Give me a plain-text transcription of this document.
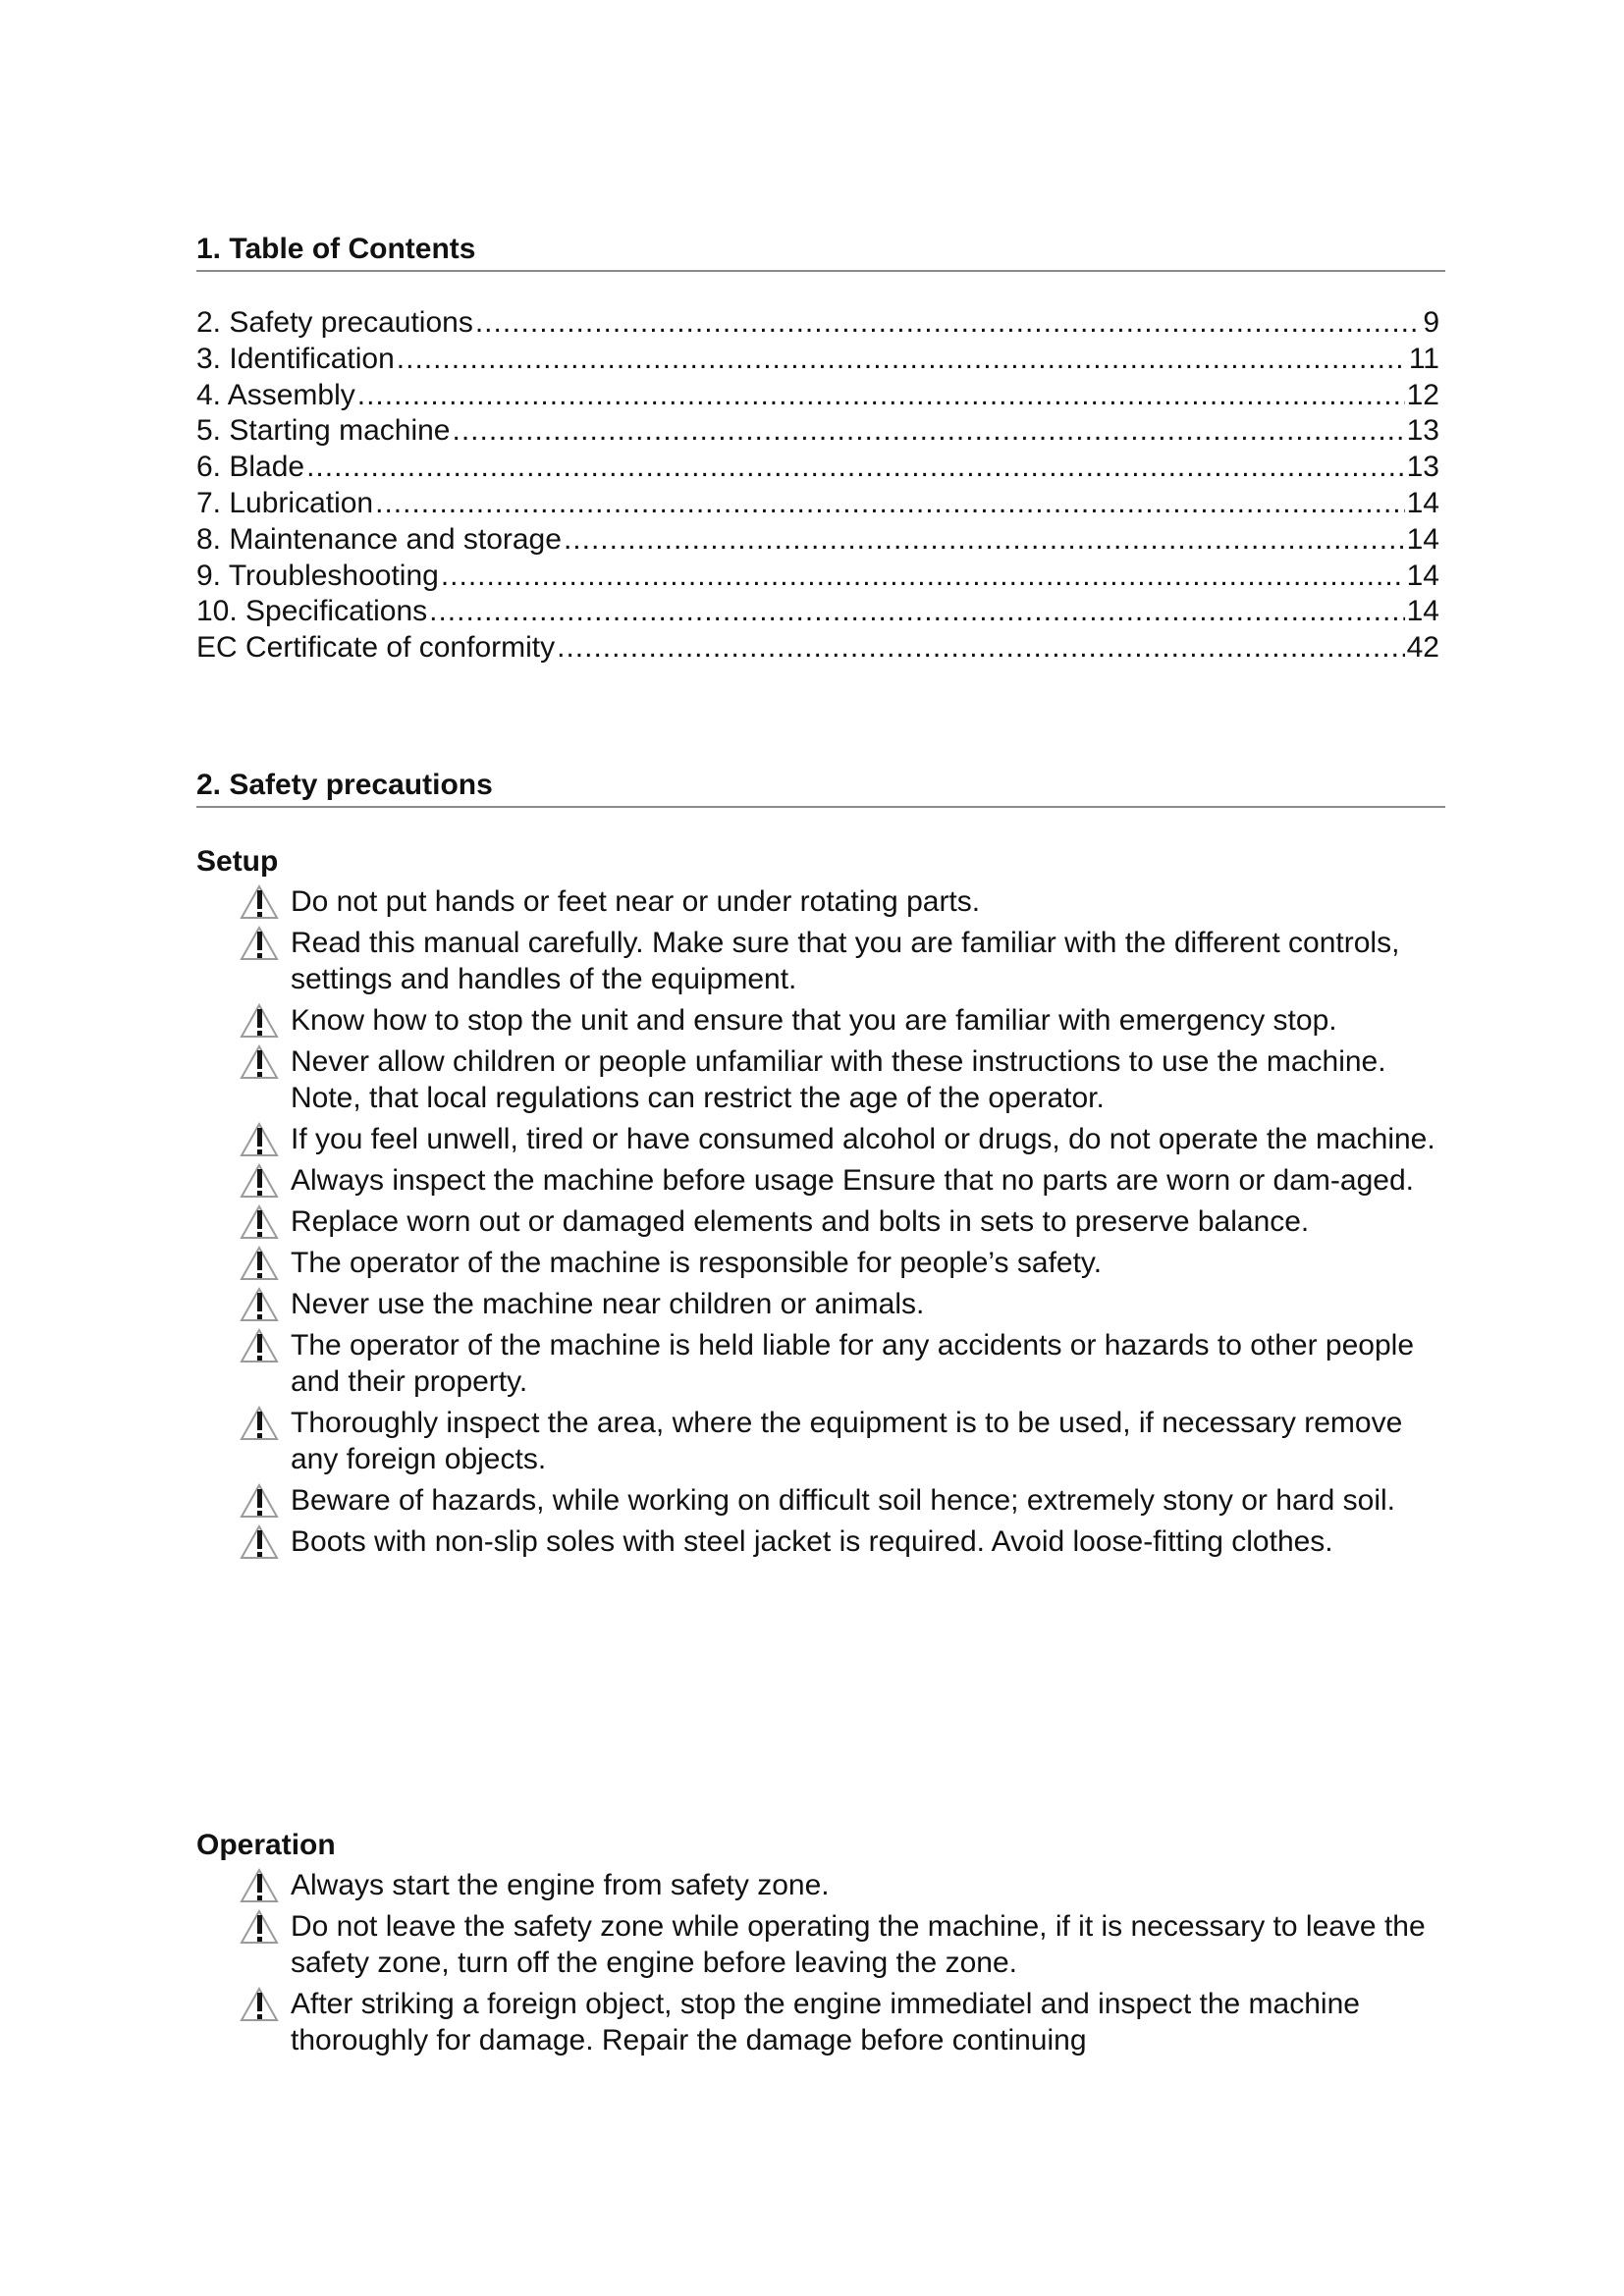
1. Table of Contents
2. Safety precautions .....	9
3. Identification .....	11
4. Assembly .....	12
5. Starting machine .....	13
6. Blade .....	13
7. Lubrication .....	14
8. Maintenance and storage .....	14
9. Troubleshooting .....	14
10. Specifications .....	14
EC Certificate of conformity .....	42
2. Safety precautions
Setup
Do not put hands or feet near or under rotating parts.
Read this manual carefully. Make sure that you are familiar with the different controls, settings and handles of the equipment.
Know how to stop the unit and ensure that you are familiar with emergency stop.
Never allow children or people unfamiliar with these instructions to use the machine. Note, that local regulations can restrict the age of the operator.
If you feel unwell, tired or have consumed alcohol or drugs, do not operate the machine.
Always inspect the machine before usage Ensure that no parts are worn or dam-aged.
Replace worn out or damaged elements and bolts in sets to preserve balance.
The operator of the machine is responsible for people’s safety.
Never use the machine near children or animals.
The operator of the machine is held liable for any accidents or hazards to other people and their property.
Thoroughly inspect the area, where the equipment is to be used, if necessary remove any foreign objects.
Beware of hazards, while working on difficult soil hence; extremely stony or hard soil.
Boots with non-slip soles with steel jacket is required. Avoid loose-fitting clothes.
Operation
Always start the engine from safety zone.
Do not leave the safety zone while operating the machine, if it is necessary to leave the safety zone, turn off the engine before leaving the zone.
After striking a foreign object, stop the engine immediatel and inspect the machine thoroughly for damage. Repair the damage before continuing
